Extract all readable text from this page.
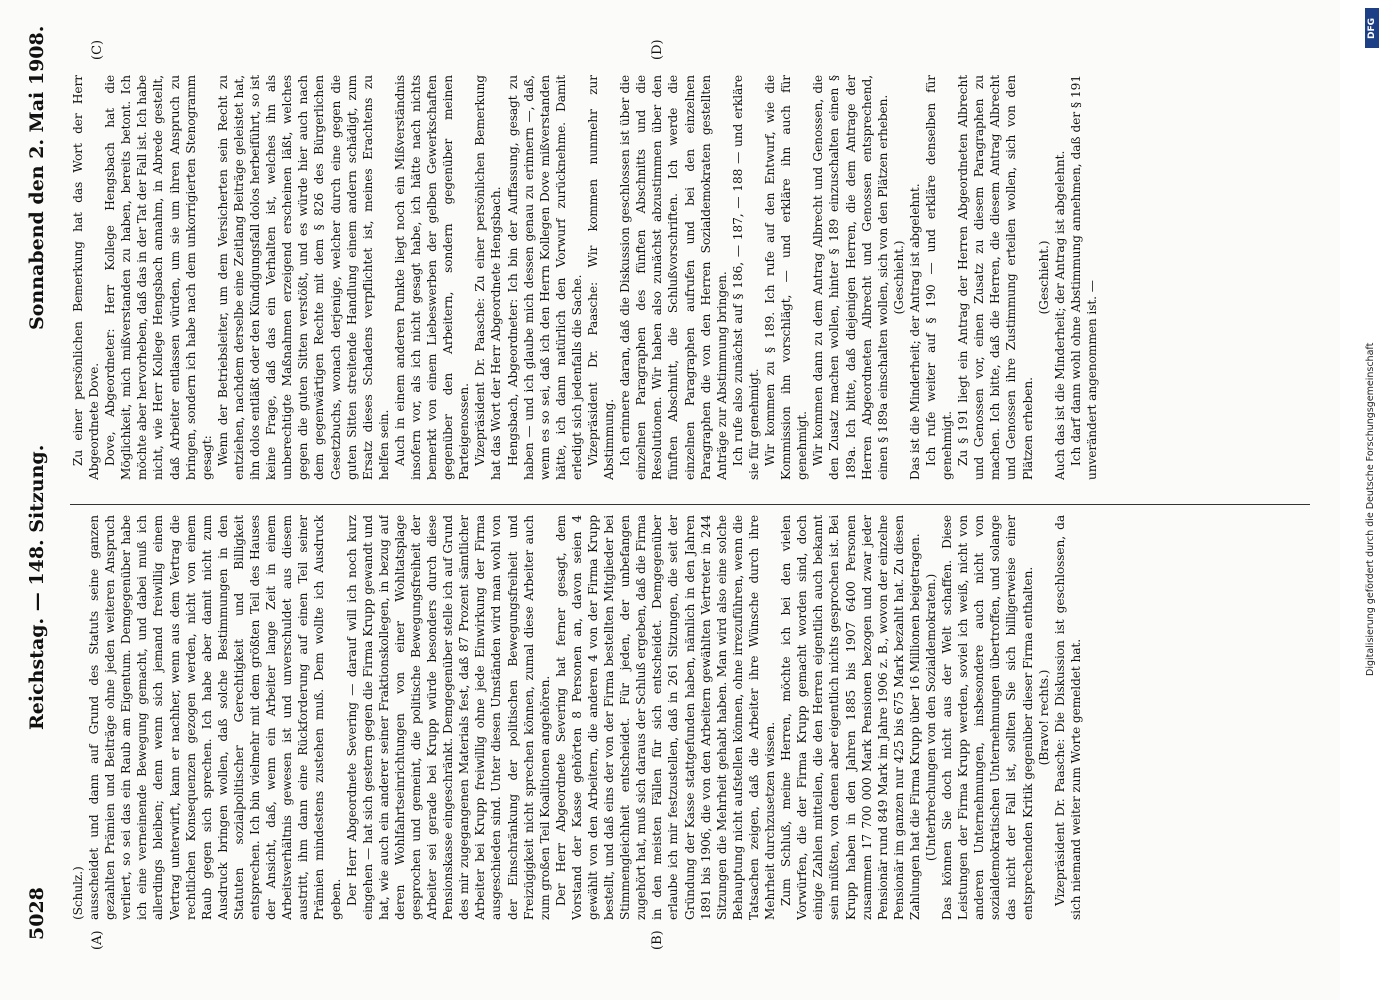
5028
Reichstag. — 148. Sitzung.
Sonnabend den 2. Mai 1908.
(A)	(B)
(C)	(D)

(Schulz.) ausscheidet und dann auf Grund des Statuts seine ganzen gezahlten Prämien und Beiträge ohne jeden weiteren Anspruch verliert, so sei das ein Raub am Eigentum. Demgegenüber habe ich eine verneinende Bewegung gemacht, und dabei muß ich allerdings bleiben; denn wenn sich jemand freiwillig einem Vertrag unterwirft, kann er nachher, wenn aus dem Vertrag die rechtlichen Konsequenzen gezogen werden, nicht von einem Raub gegen sich sprechen. Ich habe aber damit nicht zum Ausdruck bringen wollen, daß solche Bestimmungen in den Statuten sozialpolitischer Gerechtigkeit und Billigkeit entsprechen. Ich bin vielmehr mit dem größten Teil des Hauses der Ansicht, daß, wenn ein Arbeiter lange Zeit in einem Arbeitsverhältnis gewesen ist und unverschuldet aus diesem austritt, ihm dann eine Rückforderung auf einen Teil seiner Prämien mindestens zustehen muß. Dem wollte ich Ausdruck geben. Der Herr Abgeordnete Severing — darauf will ich noch kurz eingehen — hat sich gestern gegen die Firma Krupp gewandt und hat, wie auch ein anderer seiner Fraktionskollegen, in bezug auf deren Wohlfahrtseinrichtungen von einer Wohltatsplage gesprochen und gemeint, die politische Bewegungsfreiheit der Arbeiter sei gerade bei Krupp würde besonders durch diese Pensionskasse eingeschränkt. Demgegenüber stelle ich auf Grund des mir zugegangenen Materials fest, daß 87 Prozent sämtlicher Arbeiter bei Krupp freiwillig ohne jede Einwirkung der Firma ausgeschieden sind. Unter diesen Umständen wird man wohl von der Einschränkung der politischen Bewegungsfreiheit und Freizügigkeit nicht sprechen können, zumal diese Arbeiter auch zum großen Teil Koalitionen angehören. Der Herr Abgeordnete Severing hat ferner gesagt, dem Vorstand der Kasse gehörten 8 Personen an, davon seien 4 gewählt von den Arbeitern, die anderen 4 von der Firma Krupp bestellt, und daß eins der von der Firma bestellten Mitglieder bei Stimmengleichheit entscheidet. Für jeden, der unbefangen zugehört hat, muß sich daraus der Schluß ergeben, daß die Firma in den meisten Fällen für sich entscheidet. Demgegenüber erlaube ich mir festzustellen, daß in 261 Sitzungen, die seit der Gründung der Kasse stattgefunden haben, nämlich in den Jahren 1891 bis 1906, die von den Arbeitern gewählten Vertreter in 244 Sitzungen die Mehrheit gehabt haben. Man wird also eine solche Behauptung nicht aufstellen können, ohne irrezuführen, wenn die Tatsachen zeigen, daß die Arbeiter ihre Wünsche durch ihre Mehrheit durchzusetzen wissen. Zum Schluß, meine Herren, möchte ich bei den vielen Vorwürfen, die der Firma Krupp gemacht worden sind, doch einige Zahlen mitteilen, die den Herren eigentlich auch bekannt sein müßten, von denen aber eigentlich nichts gesprochen ist. Bei Krupp haben in den Jahren 1885 bis 1907 6400 Personen zusammen 17 700 000 Mark Pensionen bezogen und zwar jeder Pensionär rund 849 Mark im Jahre 1906 z. B., wovon der einzelne Pensionär im ganzen nur 425 bis 675 Mark bezahlt hat. Zu diesen Zahlungen hat die Firma Krupp über 16 Millionen beigetragen. (Unterbrechungen von den Sozialdemokraten.) Das können Sie doch nicht aus der Welt schaffen. Diese Leistungen der Firma Krupp werden, soviel ich weiß, nicht von anderen Unternehmungen, insbesondere auch nicht von sozialdemokratischen Unternehmungen übertroffen, und solange das nicht der Fall ist, sollten Sie sich billigerweise einer entsprechenden Kritik gegenüber dieser Firma enthalten. (Bravo! rechts.) Vizepräsident Dr. Paasche: Die Diskussion ist geschlossen, da sich niemand weiter zum Worte gemeldet hat.

Zu einer persönlichen Bemerkung hat das Wort der Herr Abgeordnete Dove. Dove, Abgeordneter: Herr Kollege Hengsbach hat die Möglichkeit, mich mißverstanden zu haben, bereits betont. Ich möchte aber hervorheben, daß das in der Tat der Fall ist. Ich habe nicht, wie Herr Kollege Hengsbach annahm, in Abrede gestellt, daß Arbeiter entlassen würden, um sie um ihren Anspruch zu bringen, sondern ich habe nach dem unkorrigierten Stenogramm gesagt: Wenn der Betriebsleiter, um dem Versicherten sein Recht zu entziehen, nachdem derselbe eine Zeitlang Beiträge geleistet hat, ihn dolos entläßt oder den Kündigungsfall dolos herbeiführt, so ist keine Frage, daß das ein Verhalten ist, welches ihn als unberechtigte Maßnahmen erzeigend erscheinen läßt, welches gegen die guten Sitten verstößt, und es würde hier auch nach dem gegenwärtigen Rechte mit dem § 826 des Bürgerlichen Gesetzbuchs, wonach derjenige, welcher durch eine gegen die guten Sitten streitende Handlung einem andern schädigt, zum Ersatz dieses Schadens verpflichtet ist, meines Erachtens zu helfen sein. Auch in einem anderen Punkte liegt noch ein Mißverständnis insofern vor, als ich nicht gesagt habe, ich hätte nach nichts bemerkt von einem Liebeswerben der gelben Gewerkschaften gegenüber den Arbeitern, sondern gegenüber meinen Parteigenossen. Vizepräsident Dr. Paasche: Zu einer persönlichen Bemerkung hat das Wort der Herr Abgeordnete Hengsbach. Hengsbach, Abgeordneter: Ich bin der Auffassung, gesagt zu haben — und ich glaube mich dessen genau zu erinnern —, daß, wenn es so sei, daß ich den Herrn Kollegen Dove mißverstanden hätte, ich dann natürlich den Vorwurf zurücknehme. Damit erledigt sich jedenfalls die Sache. Vizepräsident Dr. Paasche: Wir kommen nunmehr zur Abstimmung. Ich erinnere daran, daß die Diskussion geschlossen ist über die einzelnen Paragraphen des fünften Abschnitts und die Resolutionen. Wir haben also zunächst abzustimmen über den fünften Abschnitt, die Schlußvorschriften. Ich werde die einzelnen Paragraphen aufrufen und bei den einzelnen Paragraphen die von den Herren Sozialdemokraten gestellten Anträge zur Abstimmung bringen. Ich rufe also zunächst auf § 186, — 187, — 188 — und erkläre sie für genehmigt. Wir kommen zu § 189. Ich rufe auf den Entwurf, wie die Kommission ihn vorschlägt, — und erkläre ihn auch für genehmigt. Wir kommen dann zu dem Antrag Albrecht und Genossen, die den Zusatz machen wollen, hinter § 189 einzuschalten einen § 189a. Ich bitte, daß diejenigen Herren, die dem Antrage der Herren Abgeordneten Albrecht und Genossen entsprechend, einen § 189a einschalten wollen, sich von den Plätzen erheben. (Geschieht.) Das ist die Minderheit; der Antrag ist abgelehnt. Ich rufe weiter auf § 190 — und erkläre denselben für genehmigt. Zu § 191 liegt ein Antrag der Herren Abgeordneten Albrecht und Genossen vor, einen Zusatz zu diesem Paragraphen zu machen. Ich bitte, daß die Herren, die diesem Antrag Albrecht und Genossen ihre Zustimmung erteilen wollen, sich von den Plätzen erheben.

(Geschieht.) Auch das ist die Minderheit; der Antrag ist abgelehnt. Ich darf dann wohl ohne Abstimmung annehmen, daß der § 191 unverändert angenommen ist. —

DFG
Digitalisierung gefördert durch die Deutsche Forschungsgemeinschaft
